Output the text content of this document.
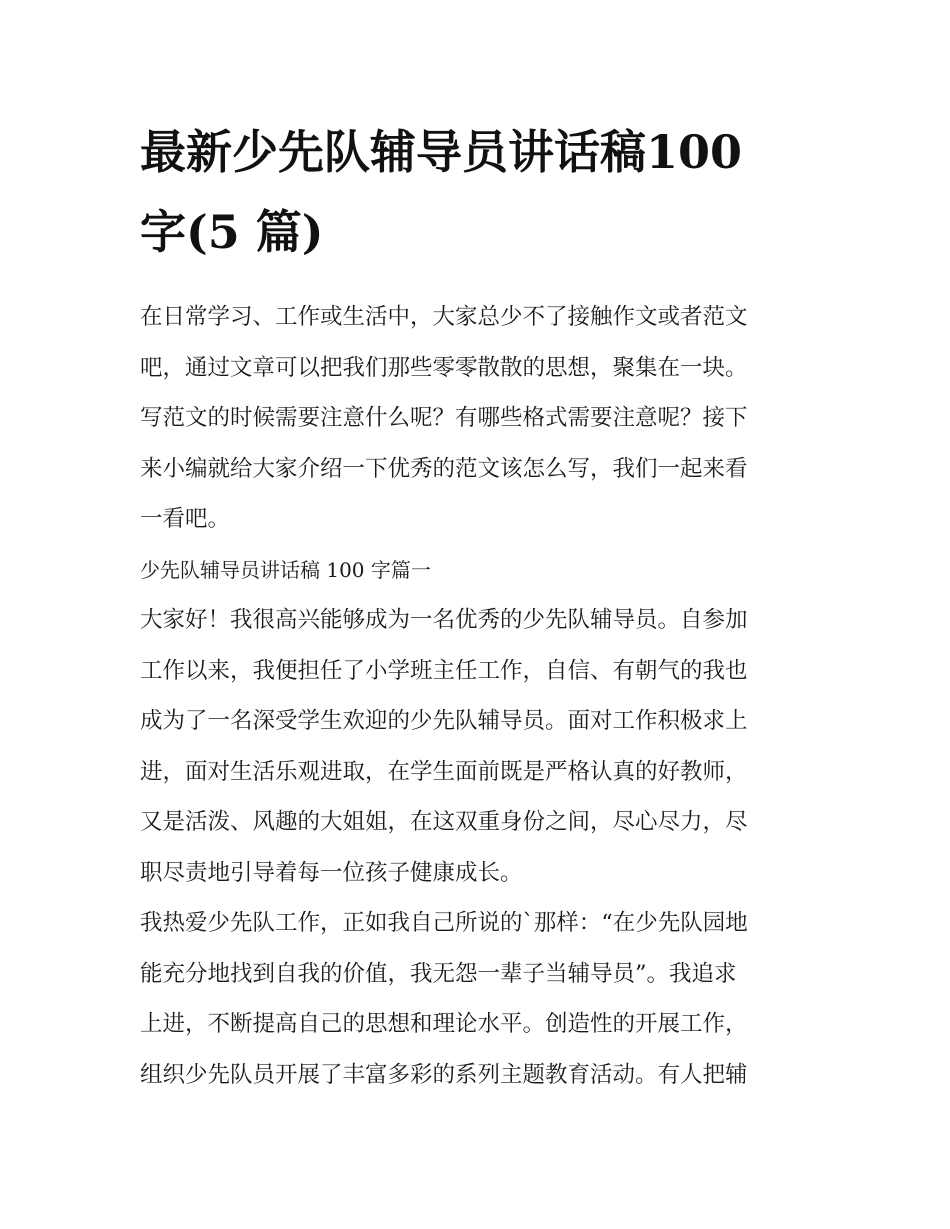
最新少先队辅导员讲话稿100
字(5 篇)

在日常学习、工作或生活中，大家总少不了接触作文或者范文
吧，通过文章可以把我们那些零零散散的思想，聚集在一块。
写范文的时候需要注意什么呢？有哪些格式需要注意呢？接下
来小编就给大家介绍一下优秀的范文该怎么写，我们一起来看
一看吧。

少先队辅导员讲话稿 100 字篇一

大家好！我很高兴能够成为一名优秀的少先队辅导员。自参加
工作以来，我便担任了小学班主任工作，自信、有朝气的我也
成为了一名深受学生欢迎的少先队辅导员。面对工作积极求上
进，面对生活乐观进取，在学生面前既是严格认真的好教师，
又是活泼、风趣的大姐姐，在这双重身份之间，尽心尽力，尽
职尽责地引导着每一位孩子健康成长。

我热爱少先队工作，正如我自己所说的`那样：“在少先队园地
能充分地找到自我的价值，我无怨一辈子当辅导员”。我追求
上进，不断提高自己的思想和理论水平。创造性的开展工作，
组织少先队员开展了丰富多彩的系列主题教育活动。有人把辅
